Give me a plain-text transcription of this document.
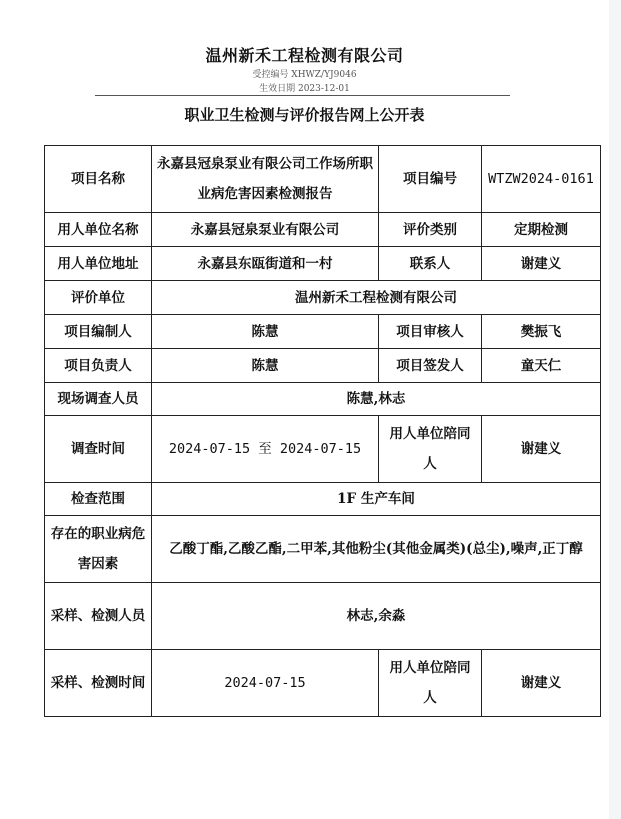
温州新禾工程检测有限公司
受控编号 XHWZ/YJ9046
生效日期 2023-12-01
职业卫生检测与评价报告网上公开表
项目名称	永嘉县冠泉泵业有限公司工作场所职业病危害因素检测报告	项目编号	WTZW2024-0161
用人单位名称	永嘉县冠泉泵业有限公司	评价类别	定期检测
用人单位地址	永嘉县东瓯街道和一村	联系人	谢建义
评价单位	温州新禾工程检测有限公司		
项目编制人	陈慧	项目审核人	樊振飞
项目负责人	陈慧	项目签发人	童天仁
现场调查人员	陈慧,林志		
调查时间	2024-07-15 至 2024-07-15	用人单位陪同人	谢建义
检查范围	1F 生产车间		
存在的职业病危害因素	乙酸丁酯,乙酸乙酯,二甲苯,其他粉尘(其他金属类)(总尘),噪声,正丁醇		
采样、检测人员	林志,余淼		
采样、检测时间	2024-07-15	用人单位陪同人	谢建义
